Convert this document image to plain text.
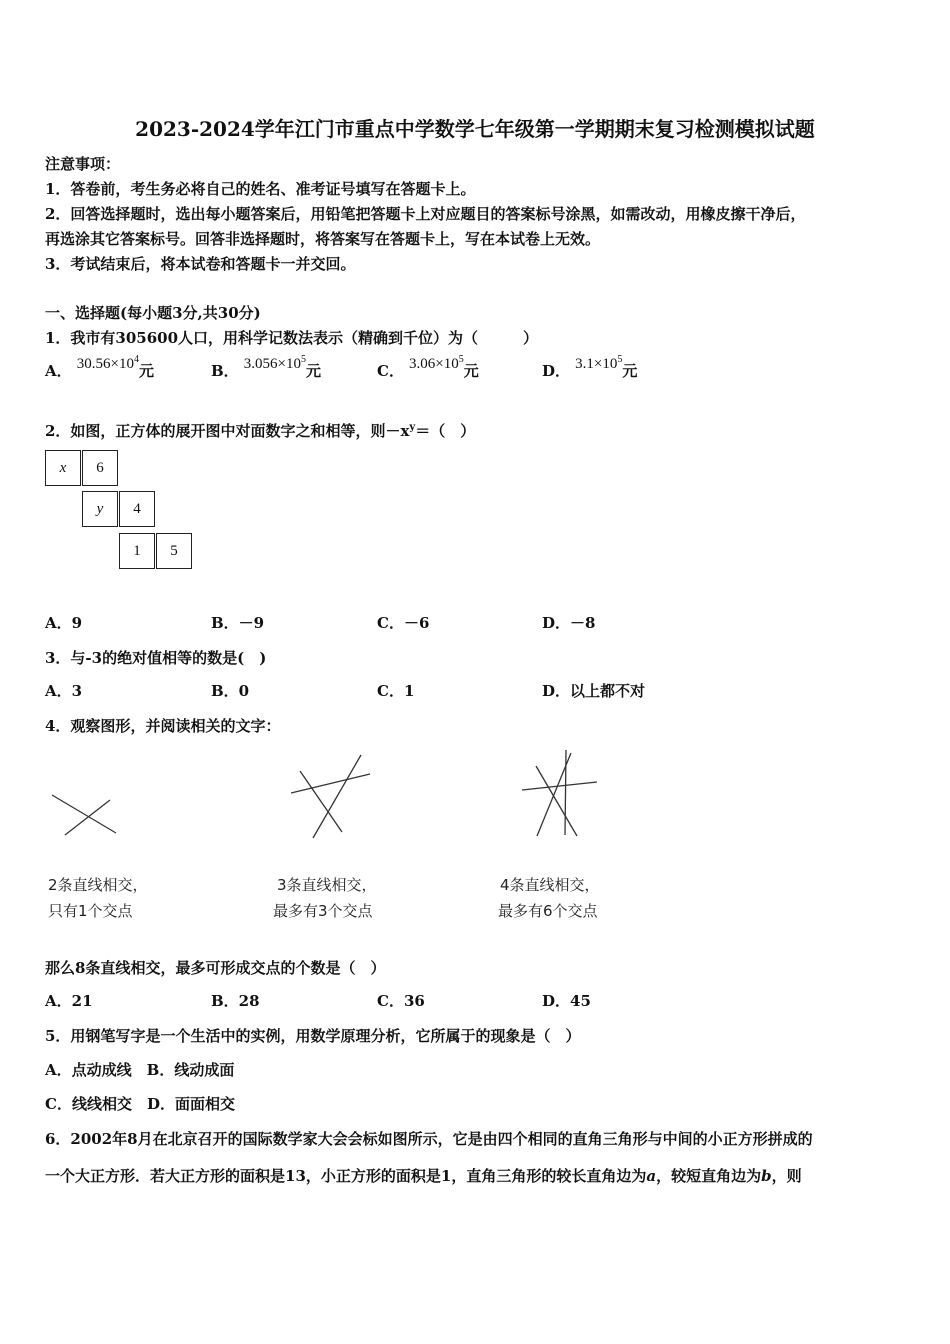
2023-2024学年江门市重点中学数学七年级第一学期期末复习检测模拟试题
注意事项：
1．答卷前，考生务必将自己的姓名、准考证号填写在答题卡上。
2．回答选择题时，选出每小题答案后，用铅笔把答题卡上对应题目的答案标号涂黑，如需改动，用橡皮擦干净后，
再选涂其它答案标号。回答非选择题时，将答案写在答题卡上，写在本试卷上无效。
3．考试结束后，将本试卷和答题卡一并交回。
一、选择题(每小题3分,共30分)
1．我市有305600人口，用科学记数法表示（精确到千位）为（　　　）
A． $30.56\times 10^4$元	B． $3.056\times 10^5$元	C． $3.06\times 10^5$元	D． $3.1\times 10^5$元
2．如图，正方体的展开图中对面数字之和相等，则$-x^y=$（　）
x	6
y	4
1	5
A．9	B．－9	C．－6	D．－8
3．与-3的绝对值相等的数是(　)
A．3	B．0	C．1	D．以上都不对
4．观察图形，并阅读相关的文字：
2条直线相交，
只有1个交点
3条直线相交，
最多有3个交点
4条直线相交，
最多有6个交点
那么8条直线相交，最多可形成交点的个数是（　）
A．21	B．28	C．36	D．45
5．用钢笔写字是一个生活中的实例，用数学原理分析，它所属于的现象是（　）
A．点动成线　B．线动成面
C．线线相交　D．面面相交
6．2002年8月在北京召开的国际数学家大会会标如图所示，它是由四个相同的直角三角形与中间的小正方形拼成的
一个大正方形．若大正方形的面积是13，小正方形的面积是1，直角三角形的较长直角边为a，较短直角边为b，则
